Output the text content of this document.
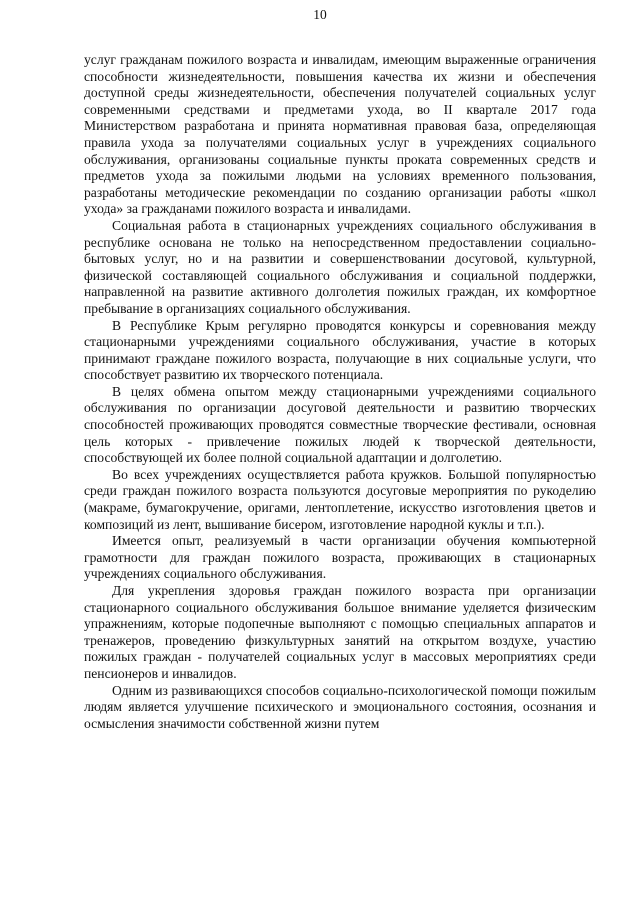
10

услуг гражданам пожилого возраста и инвалидам, имеющим выраженные ограничения способности жизнедеятельности, повышения качества их жизни и обеспечения доступной среды жизнедеятельности, обеспечения получателей социальных услуг современными средствами и предметами ухода, во II квартале 2017 года Министерством разработана и принята нормативная правовая база, определяющая правила ухода за получателями социальных услуг в учреждениях социального обслуживания, организованы социальные пункты проката современных средств и предметов ухода за пожилыми людьми на условиях временного пользования, разработаны методические рекомендации по созданию организации работы «школ ухода» за гражданами пожилого возраста и инвалидами.

Социальная работа в стационарных учреждениях социального обслуживания в республике основана не только на непосредственном предоставлении социально-бытовых услуг, но и на развитии и совершенствовании досуговой, культурной, физической составляющей социального обслуживания и социальной поддержки, направленной на развитие активного долголетия пожилых граждан, их комфортное пребывание в организациях социального обслуживания.

В Республике Крым регулярно проводятся конкурсы и соревнования между стационарными учреждениями социального обслуживания, участие в которых принимают граждане пожилого возраста, получающие в них социальные услуги, что способствует развитию их творческого потенциала.

В целях обмена опытом между стационарными учреждениями социального обслуживания по организации досуговой деятельности и развитию творческих способностей проживающих проводятся совместные творческие фестивали, основная цель которых - привлечение пожилых людей к творческой деятельности, способствующей их более полной социальной адаптации и долголетию.

Во всех учреждениях осуществляется работа кружков. Большой популярностью среди граждан пожилого возраста пользуются досуговые мероприятия по рукоделию (макраме, бумагокручение, оригами, лентоплетение, искусство изготовления цветов и композиций из лент, вышивание бисером, изготовление народной куклы и т.п.).

Имеется опыт, реализуемый в части организации обучения компьютерной грамотности для граждан пожилого возраста, проживающих в стационарных учреждениях социального обслуживания.

Для укрепления здоровья граждан пожилого возраста при организации стационарного социального обслуживания большое внимание уделяется физическим упражнениям, которые подопечные выполняют с помощью специальных аппаратов и тренажеров, проведению физкультурных занятий на открытом воздухе, участию пожилых граждан - получателей социальных услуг в массовых мероприятиях среди пенсионеров и инвалидов.

Одним из развивающихся способов социально-психологической помощи пожилым людям является улучшение психического и эмоционального состояния, осознания и осмысления значимости собственной жизни путем
